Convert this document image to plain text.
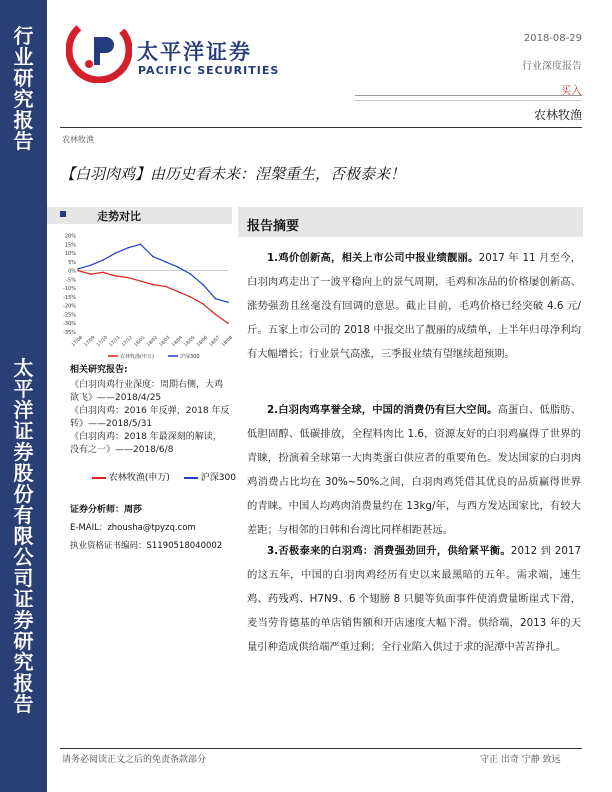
行业研究报告
太平洋证券股份有限公司证券研究报告
太平洋证券
PACIFIC SECURITIES
2018-08-29
行业深度报告
买入
农林牧渔
农林牧渔
【白羽肉鸡】由历史看未来：涅槃重生，否极泰来！
走势对比
20%
15%
10%
5%
0%
-5%
-10%
-15%
-20%
-25%
-30%
-35%
17/08 17/09 17/10 17/11 17/12 18/01 18/02 18/03 18/04 18/05 18/06 18/07 18/08
农林牧渔(申万)	沪深300
相关研究报告:
《白羽肉鸡行业深度：周期右侧，大鸡欲飞》——2018/4/25
《白羽肉鸡：2016 年反弹，2018 年反转》——2018/5/31
《白羽肉鸡：2018 年最深刻的解读，没有之一》——2018/6/8
农林牧渔(申万)	沪深300
证券分析师：周莎
E-MAIL：zhousha@tpyzq.com
执业资格证书编码：S1190518040002
报告摘要
1.鸡价创新高，相关上市公司中报业绩靓丽。2017 年 11 月至今，白羽肉鸡走出了一波平稳向上的景气周期，毛鸡和冻品的价格屡创新高、涨势强劲且丝毫没有回调的意思。截止目前，毛鸡价格已经突破 4.6 元/斤。五家上市公司的 2018 中报交出了靓丽的成绩单，上半年归母净利均有大幅增长；行业景气高涨，三季报业绩有望继续超预期。
2.白羽肉鸡享誉全球，中国的消费仍有巨大空间。高蛋白、低脂肪、低胆固醇、低碳排放，全程料肉比 1.6，资源友好的白羽鸡赢得了世界的青睐，扮演着全球第一大肉类蛋白供应者的重要角色。发达国家的白羽肉鸡消费占比均在 30%~50%之间，白羽肉鸡凭借其优良的品质赢得世界的青睐。中国人均鸡肉消费量约在 13kg/年，与西方发达国家比，有较大差距；与相邻的日韩和台湾比同样相距甚远。
3.否极泰来的白羽鸡：消费强劲回升，供给紧平衡。2012 到 2017 的这五年，中国的白羽肉鸡经历有史以来最黑暗的五年。需求端，速生鸡、药残鸡、H7N9、6 个翅膀 8 只腿等负面事件使消费量断崖式下滑，麦当劳肯德基的单店销售额和开店速度大幅下滑。供给端，2013 年的天量引种造成供给端严重过剩；全行业陷入供过于求的泥潭中苦苦挣扎。
请务必阅读正文之后的免责条款部分	守正 出奇 宁静 致远
